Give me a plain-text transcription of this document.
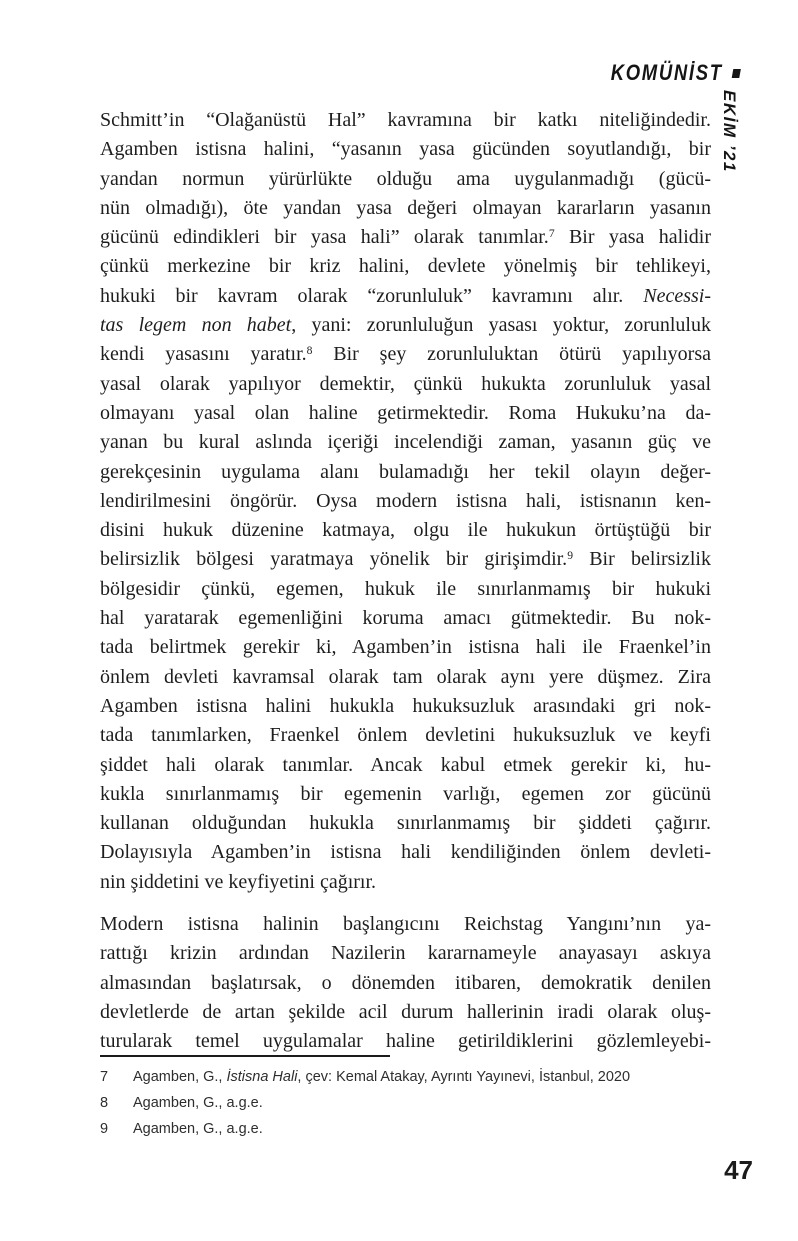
KOMÜNİST
EKİM ’21
Schmitt’in “Olağanüstü Hal” kavramına bir katkı niteliğindedir.
Agamben istisna halini, “yasanın yasa gücünden soyutlandığı, bir
yandan normun yürürlükte olduğu ama uygulanmadığı (gücü-
nün olmadığı), öte yandan yasa değeri olmayan kararların yasanın
gücünü edindikleri bir yasa hali” olarak tanımlar.$^7$ Bir yasa halidir
çünkü merkezine bir kriz halini, devlete yönelmiş bir tehlikeyi,
hukuki bir kavram olarak “zorunluluk” kavramını alır. Necessi-
tas legem non habet, yani: zorunluluğun yasası yoktur, zorunluluk
kendi yasasını yaratır.$^8$ Bir şey zorunluluktan ötürü yapılıyorsa
yasal olarak yapılıyor demektir, çünkü hukukta zorunluluk yasal
olmayanı yasal olan haline getirmektedir. Roma Hukuku’na da-
yanan bu kural aslında içeriği incelendiği zaman, yasanın güç ve
gerekçesinin uygulama alanı bulamadığı her tekil olayın değer-
lendirilmesini öngörür. Oysa modern istisna hali, istisnanın ken-
disini hukuk düzenine katmaya, olgu ile hukukun örtüştüğü bir
belirsizlik bölgesi yaratmaya yönelik bir girişimdir.$^9$ Bir belirsizlik
bölgesidir çünkü, egemen, hukuk ile sınırlanmamış bir hukuki
hal yaratarak egemenliğini koruma amacı gütmektedir. Bu nok-
tada belirtmek gerekir ki, Agamben’in istisna hali ile Fraenkel’in
önlem devleti kavramsal olarak tam olarak aynı yere düşmez. Zira
Agamben istisna halini hukukla hukuksuzluk arasındaki gri nok-
tada tanımlarken, Fraenkel önlem devletini hukuksuzluk ve keyfi
şiddet hali olarak tanımlar. Ancak kabul etmek gerekir ki, hu-
kukla sınırlanmamış bir egemenin varlığı, egemen zor gücünü
kullanan olduğundan hukukla sınırlanmamış bir şiddeti çağırır.
Dolayısıyla Agamben’in istisna hali kendiliğinden önlem devleti-
nin şiddetini ve keyfiyetini çağırır.
Modern istisna halinin başlangıcını Reichstag Yangını’nın ya-
rattığı krizin ardından Nazilerin kararnameyle anayasayı askıya
almasından başlatırsak, o dönemden itibaren, demokratik denilen
devletlerde de artan şekilde acil durum hallerinin iradi olarak oluş-
turularak temel uygulamalar haline getirildiklerini gözlemleyebi-
7	Agamben, G., İstisna Hali, çev: Kemal Atakay, Ayrıntı Yayınevi, İstanbul, 2020
8	Agamben, G., a.g.e.
9	Agamben, G., a.g.e.
47
